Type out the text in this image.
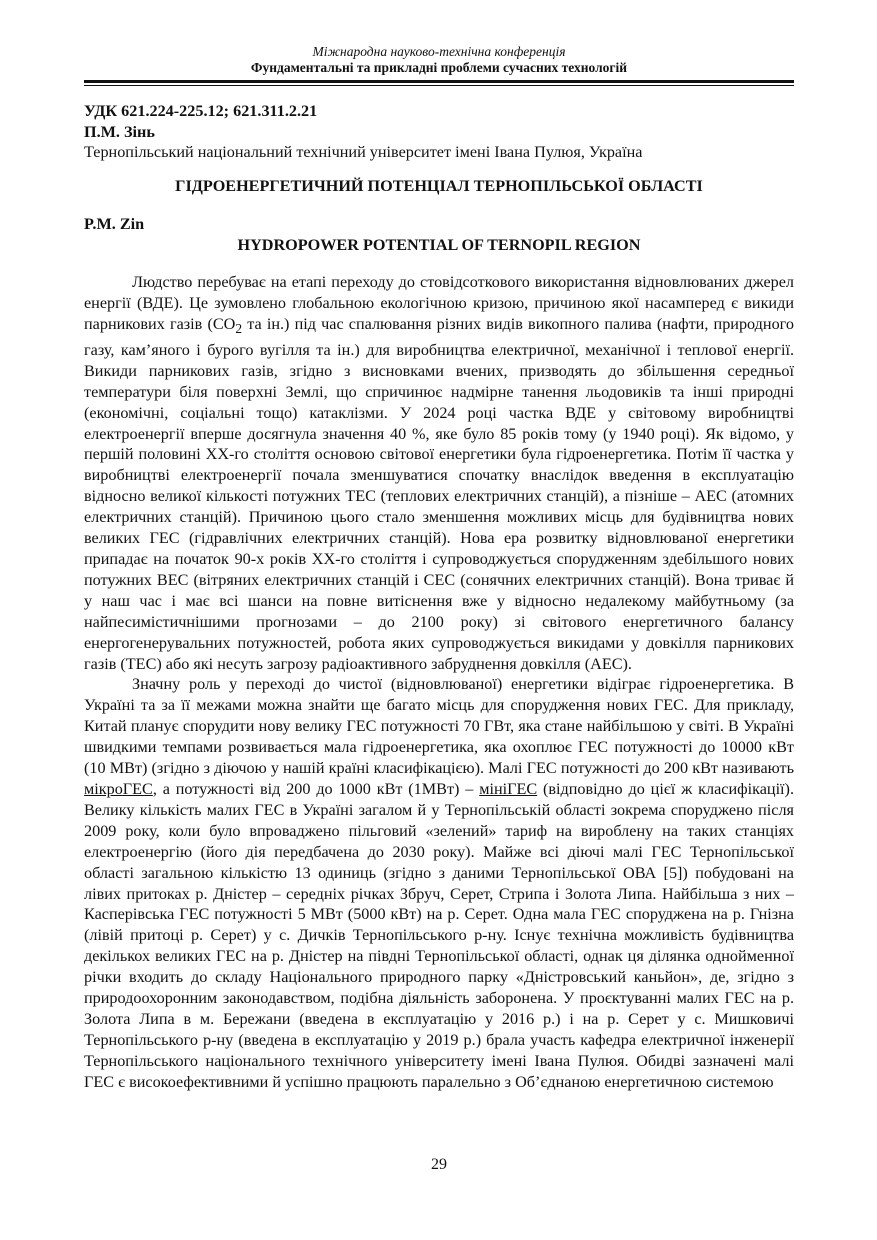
Міжнародна науково-технічна конференція
Фундаментальні та прикладні проблеми сучасних технологій
УДК 621.224-225.12; 621.311.2.21
П.М. Зінь
Тернопільський національний технічний університет імені Івана Пулюя, Україна
ГІДРОЕНЕРГЕТИЧНИЙ ПОТЕНЦІАЛ ТЕРНОПІЛЬСЬКОЇ ОБЛАСТІ
P.M. Zin
HYDROPOWER POTENTIAL OF TERNOPIL REGION

Людство перебуває на етапі переходу до стовідсоткового використання відновлюваних джерел енергії (ВДЕ). Це зумовлено глобальною екологічною кризою, причиною якої насамперед є викиди парникових газів ($CO_2$ та ін.) під час спалювання різних видів викопного палива (нафти, природного газу, кам’яного і бурого вугілля та ін.) для виробництва електричної, механічної і теплової енергії. Викиди парникових газів, згідно з висновками вчених, призводять до збільшення середньої температури біля поверхні Землі, що спричинює надмірне танення льодовиків та інші природні (економічні, соціальні тощо) катаклізми. У 2024 році частка ВДЕ у світовому виробництві електроенергії вперше досягнула значення 40 %, яке було 85 років тому (у 1940 році). Як відомо, у першій половині ХХ-го століття основою світової енергетики була гідроенергетика. Потім її частка у виробництві електроенергії почала зменшуватися спочатку внаслідок введення в експлуатацію відносно великої кількості потужних ТЕС (теплових електричних станцій), а пізніше – АЕС (атомних електричних станцій). Причиною цього стало зменшення можливих місць для будівництва нових великих ГЕС (гідравлічних електричних станцій). Нова ера розвитку відновлюваної енергетики припадає на початок 90-х років ХХ-го століття і супроводжується спорудженням здебільшого нових потужних ВЕС (вітряних електричних станцій і СЕС (сонячних електричних станцій). Вона триває й у наш час і має всі шанси на повне витіснення вже у відносно недалекому майбутньому (за найпесимістичнішими прогнозами – до 2100 року) зі світового енергетичного балансу енергогенерувальних потужностей, робота яких супроводжується викидами у довкілля парникових газів (ТЕС) або які несуть загрозу радіоактивного забруднення довкілля (АЕС).

Значну роль у переході до чистої (відновлюваної) енергетики відіграє гідроенергетика. В Україні та за її межами можна знайти ще багато місць для спорудження нових ГЕС. Для прикладу, Китай планує спорудити нову велику ГЕС потужності 70 ГВт, яка стане найбільшою у світі. В Україні швидкими темпами розвивається мала гідроенергетика, яка охоплює ГЕС потужності до 10000 кВт (10 МВт) (згідно з діючою у нашій країні класифікацією). Малі ГЕС потужності до 200 кВт називають мікроГЕС, а потужності від 200 до 1000 кВт (1МВт) – мініГЕС (відповідно до цієї ж класифікації). Велику кількість малих ГЕС в Україні загалом й у Тернопільській області зокрема споруджено після 2009 року, коли було впроваджено пільговий «зелений» тариф на вироблену на таких станціях електроенергію (його дія передбачена до 2030 року). Майже всі діючі малі ГЕС Тернопільської області загальною кількістю 13 одиниць (згідно з даними Тернопільської ОВА [5]) побудовані на лівих притоках р. Дністер – середніх річках Збруч, Серет, Стрипа і Золота Липа. Найбільша з них – Касперівська ГЕС потужності 5 МВт (5000 кВт) на р. Серет. Одна мала ГЕС споруджена на р. Гнізна (лівій притоці р. Серет) у с. Дичків Тернопільського р-ну. Існує технічна можливість будівництва декількох великих ГЕС на р. Дністер на півдні Тернопільської області, однак ця ділянка однойменної річки входить до складу Національного природного парку «Дністровський каньйон», де, згідно з природоохоронним законодавством, подібна діяльність заборонена. У проєктуванні малих ГЕС на р. Золота Липа в м. Бережани (введена в експлуатацію у 2016 р.) і на р. Серет у с. Мишковичі Тернопільського р-ну (введена в експлуатацію у 2019 р.) брала участь кафедра електричної інженерії Тернопільського національного технічного університету імені Івана Пулюя. Обидві зазначені малі ГЕС є високоефективними й успішно працюють паралельно з Об’єднаною енергетичною системою

29
